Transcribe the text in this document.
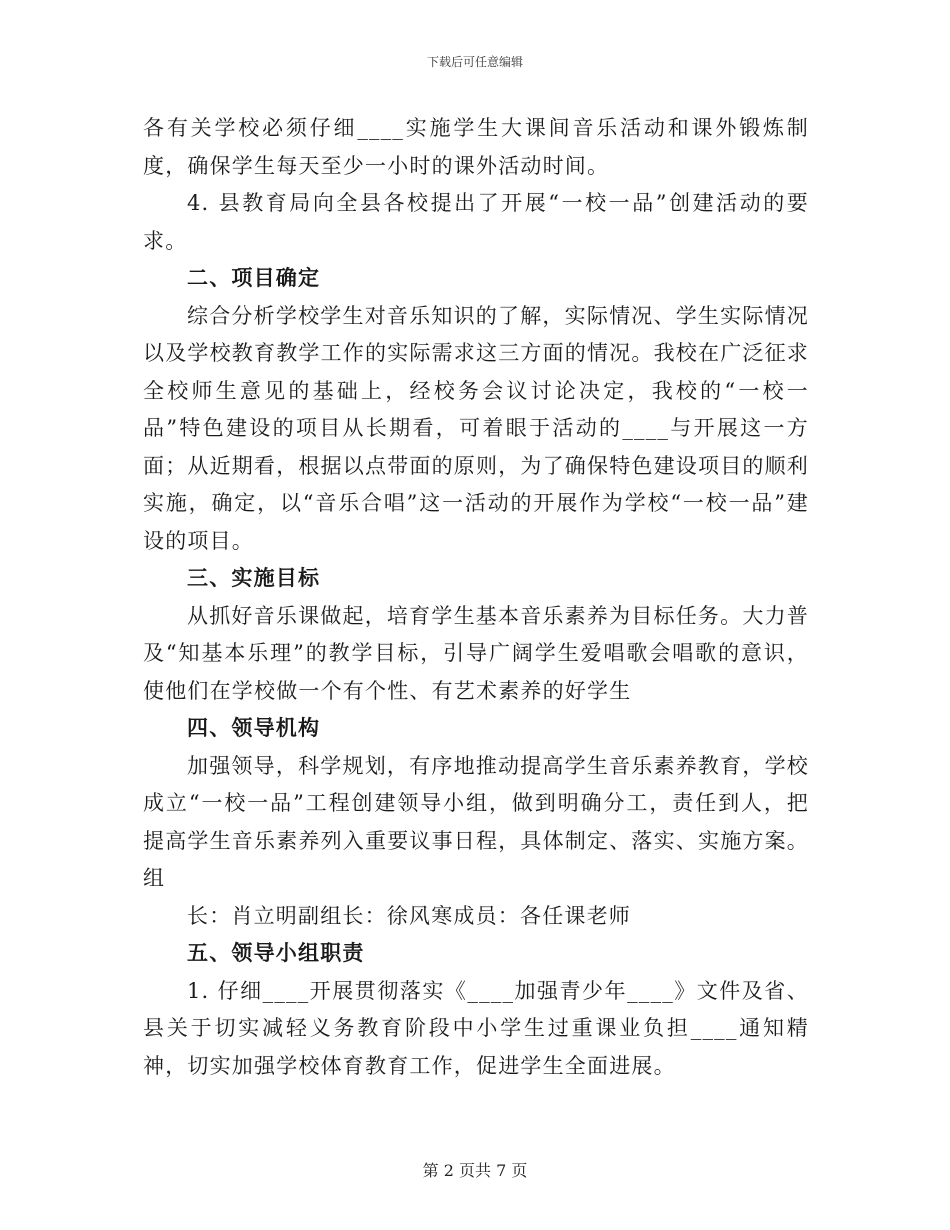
下载后可任意编辑

各有关学校必须仔细____实施学生大课间音乐活动和课外锻炼制度，确保学生每天至少一小时的课外活动时间。

4. 县教育局向全县各校提出了开展“一校一品”创建活动的要求。

二、项目确定

综合分析学校学生对音乐知识的了解，实际情况、学生实际情况以及学校教育教学工作的实际需求这三方面的情况。我校在广泛征求全校师生意见的基础上，经校务会议讨论决定，我校的“一校一品”特色建设的项目从长期看，可着眼于活动的____与开展这一方面；从近期看，根据以点带面的原则，为了确保特色建设项目的顺利实施，确定，以“音乐合唱”这一活动的开展作为学校“一校一品”建设的项目。

三、实施目标

从抓好音乐课做起，培育学生基本音乐素养为目标任务。大力普及“知基本乐理”的教学目标，引导广阔学生爱唱歌会唱歌的意识，使他们在学校做一个有个性、有艺术素养的好学生

四、领导机构

加强领导，科学规划，有序地推动提高学生音乐素养教育，学校成立“一校一品”工程创建领导小组，做到明确分工，责任到人，把提高学生音乐素养列入重要议事日程，具体制定、落实、实施方案。组

长：肖立明副组长：徐风寒成员：各任课老师

五、领导小组职责

1. 仔细____开展贯彻落实《____加强青少年____》文件及省、县关于切实减轻义务教育阶段中小学生过重课业负担____通知精神，切实加强学校体育教育工作，促进学生全面进展。

第 2 页共 7 页
